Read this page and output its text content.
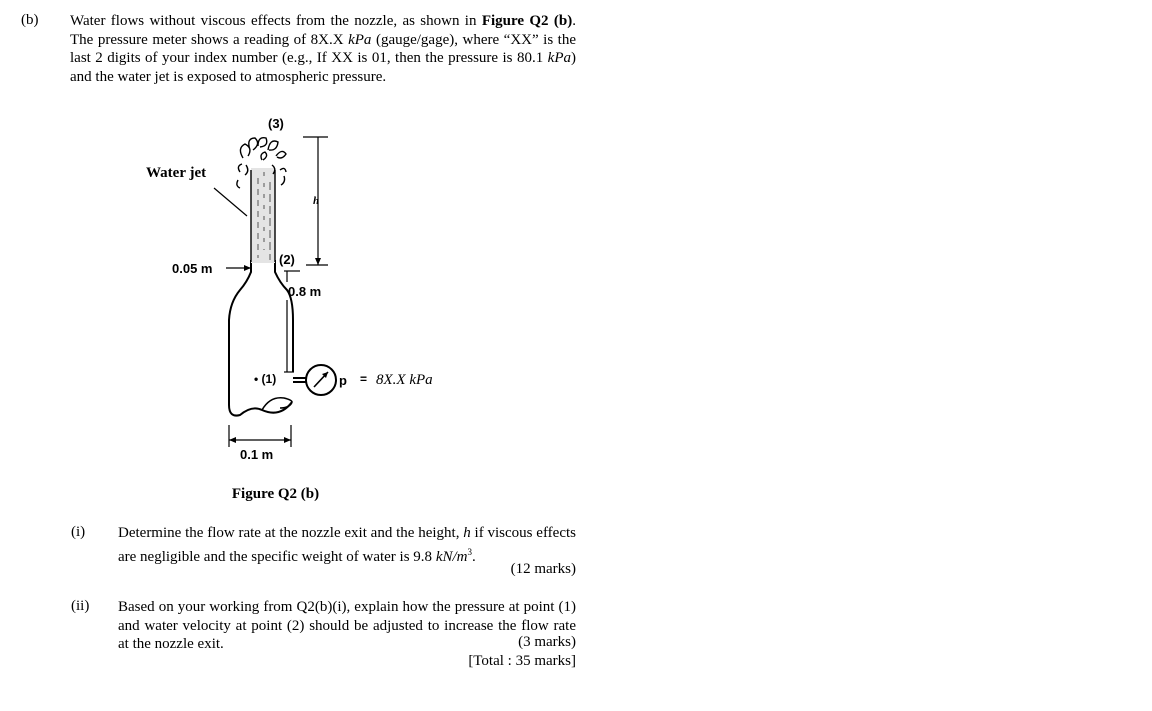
(b) Water flows without viscous effects from the nozzle, as shown in Figure Q2 (b). The pressure meter shows a reading of 8X.X kPa (gauge/gage), where “XX” is the last 2 digits of your index number (e.g., If XX is 01, then the pressure is 80.1 kPa) and the water jet is exposed to atmospheric pressure.
(3)
Water jet
h
0.05 m
(2)
0.8 m
• (1)	p = 8X.X kPa
0.1 m
Figure Q2 (b)
(i) Determine the flow rate at the nozzle exit and the height, h if viscous effects are negligible and the specific weight of water is 9.8 $kN/m^3$.
(12 marks)
(ii) Based on your working from Q2(b)(i), explain how the pressure at point (1) and water velocity at point (2) should be adjusted to increase the flow rate at the nozzle exit.	(3 marks)
[Total : 35 marks]
